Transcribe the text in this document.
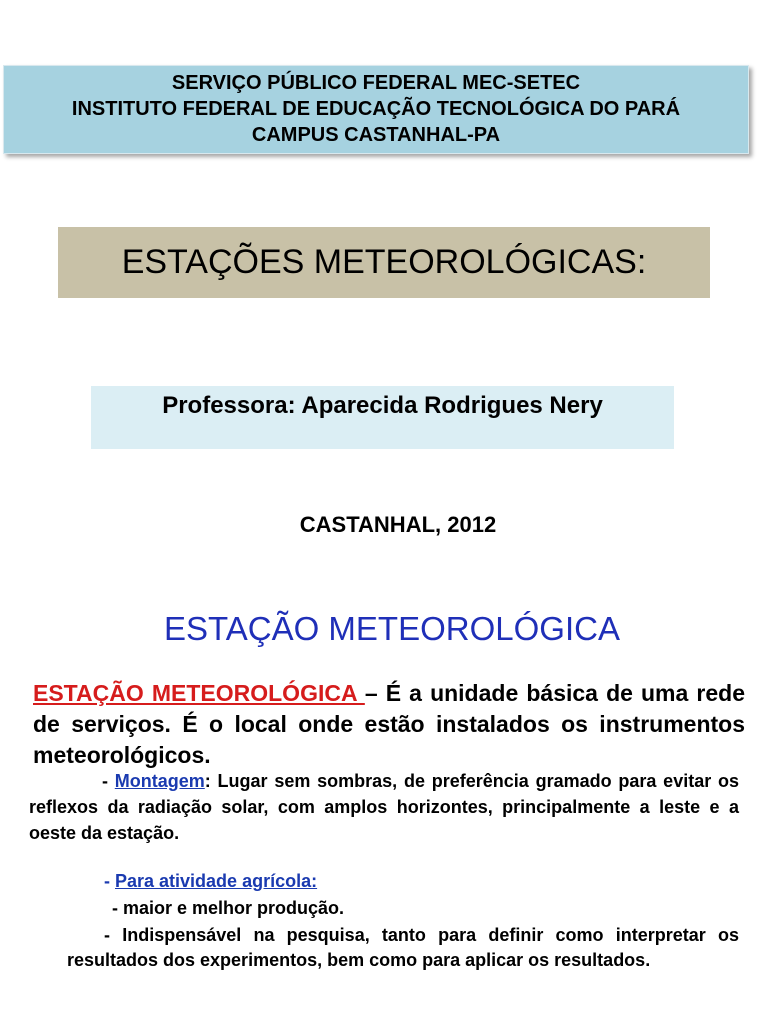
SERVIÇO PÚBLICO FEDERAL MEC-SETEC
INSTITUTO FEDERAL DE EDUCAÇÃO TECNOLÓGICA DO PARÁ
CAMPUS CASTANHAL-PA
ESTAÇÕES METEOROLÓGICAS:
Professora: Aparecida Rodrigues Nery
CASTANHAL, 2012
ESTAÇÃO METEOROLÓGICA
ESTAÇÃO METEOROLÓGICA – É a unidade básica de uma rede de serviços. É o local onde estão instalados os instrumentos meteorológicos.
- Montagem: Lugar sem sombras, de preferência gramado para evitar os reflexos da radiação solar, com amplos horizontes, principalmente a leste e a oeste da estação.
- Para atividade agrícola:
- maior e melhor produção.
- Indispensável na pesquisa, tanto para definir como interpretar os resultados dos experimentos, bem como para aplicar os resultados.
